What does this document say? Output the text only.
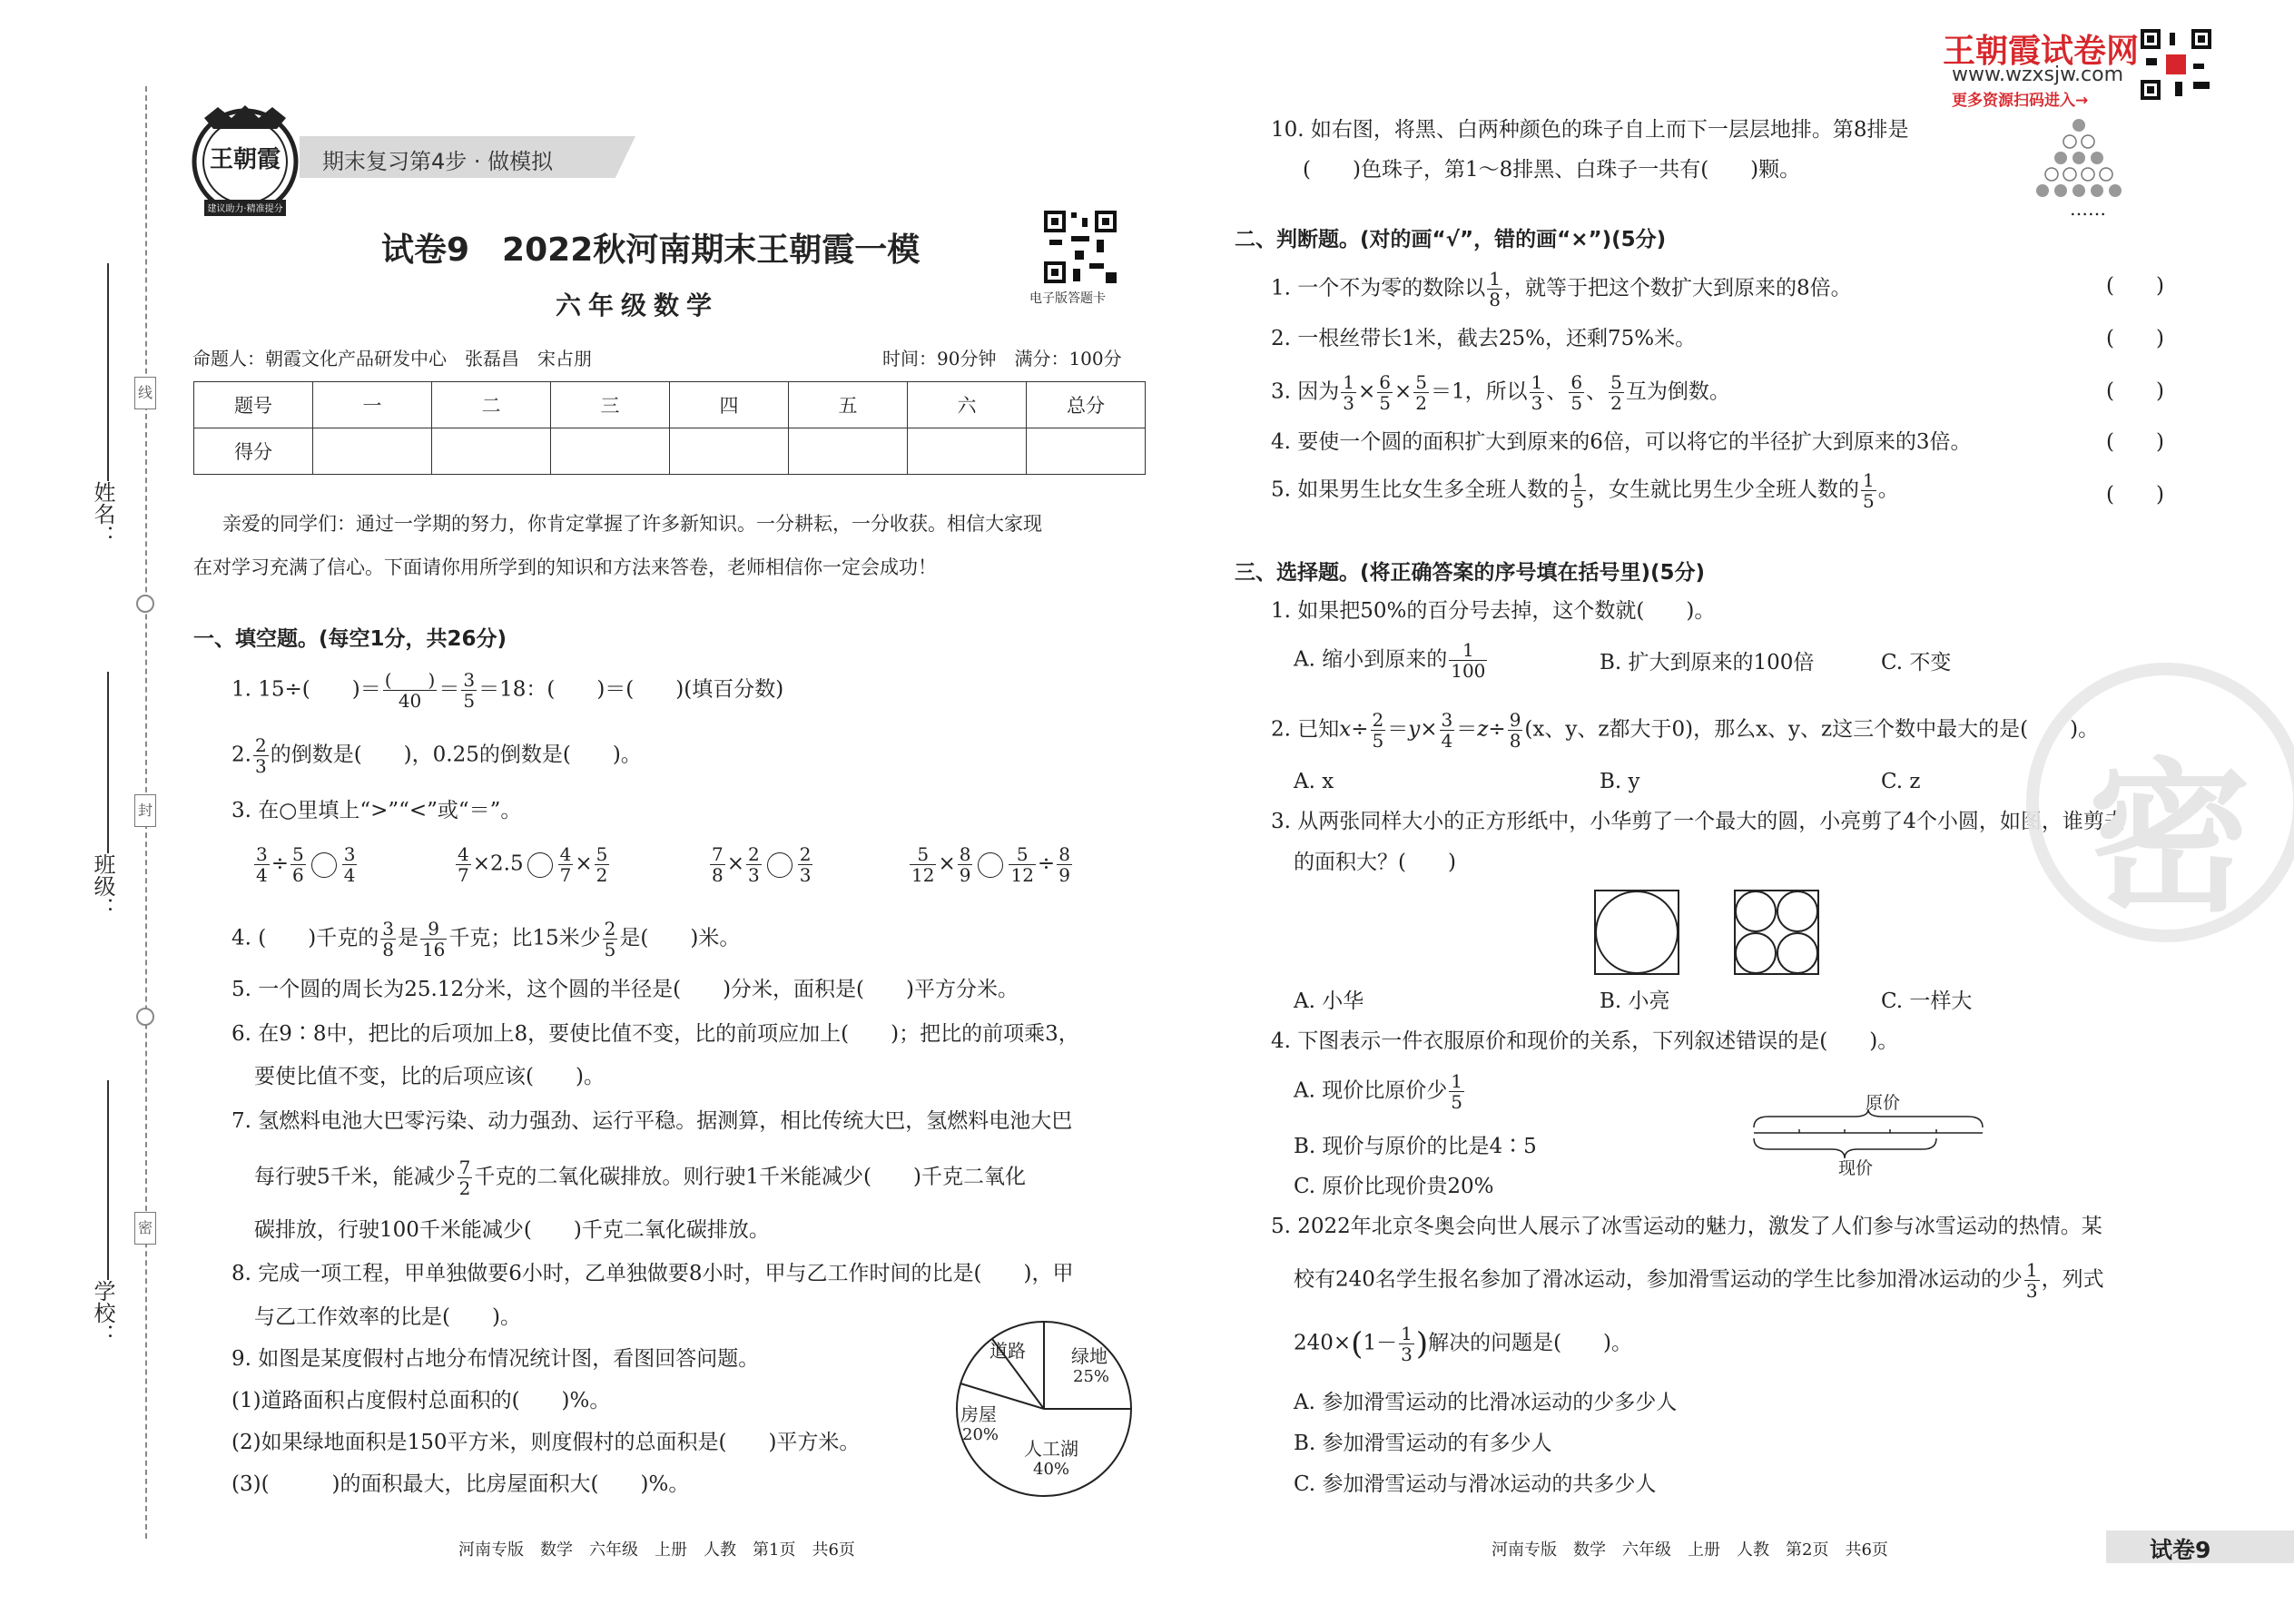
姓名：
班级：
学校：
线
封
密
王朝霞
建议助力·精准提分
期末复习第4步 · 做模拟
试卷9　2022秋河南期末王朝霞一模
六年级数学	电子版答题卡
命题人：朝霞文化产品研发中心　张磊昌　宋占朋	时间：90分钟　满分：100分
题号	一	二	三	四	五	六	总分
得分							
亲爱的同学们：通过一学期的努力，你肯定掌握了许多新知识。一分耕耘，一分收获。相信大家现
在对学习充满了信心。下面请你用所学到的知识和方法来答卷，老师相信你一定会成功！
一、填空题。(每空1分，共26分)
1. 15÷(　　)＝ $\frac{( )}{40} = \frac{3}{5} =18$：(　　)＝(　　)(填百分数)
2. $\frac{2}{3}$ 的倒数是(　　)，0.25的倒数是(　　)。
3. 在○里填上“>”“<”或“＝”。
$\frac{3}{4} \div \frac{5}{6} \frac{3}{4}$	$\frac{4}{7} \times 2.5 \frac{4}{7} \times \frac{5}{2}$	$\frac{7}{8} \times \frac{2}{3} \frac{2}{3}$	$\frac{5}{12} \times \frac{8}{9} \frac{5}{12} \div \frac{8}{9}$
4. (　　)千克的 $\frac{3}{8}$ 是 $\frac{9}{16}$ 千克；比15米少 $\frac{2}{5}$ 是(　　)米。
5. 一个圆的周长为25.12分米，这个圆的半径是(　　)分米，面积是(　　)平方分米。
6. 在9∶8中，把比的后项加上8，要使比值不变，比的前项应加上(　　)；把比的前项乘3，
要使比值不变，比的后项应该(　　)。
7. 氢燃料电池大巴零污染、动力强劲、运行平稳。据测算，相比传统大巴，氢燃料电池大巴
每行驶5千米，能减少 $\frac{7}{2}$ 千克的二氧化碳排放。则行驶1千米能减少(　　)千克二氧化
碳排放，行驶100千米能减少(　　)千克二氧化碳排放。
8. 完成一项工程，甲单独做要6小时，乙单独做要8小时，甲与乙工作时间的比是(　　)，甲
与乙工作效率的比是(　　)。
9. 如图是某度假村占地分布情况统计图，看图回答问题。
(1)道路面积占度假村总面积的(　　)%。
(2)如果绿地面积是150平方米，则度假村的总面积是(　　)平方米。
(3)(　　　)的面积最大，比房屋面积大(　　)%。
道路	绿地
25%
房屋
20%
人工湖
40%
王朝霞试卷网
www.wzxsjw.com
更多资源扫码进入→
10. 如右图，将黑、白两种颜色的珠子自上而下一层层地排。第8排是
(　　)色珠子，第1～8排黑、白珠子一共有(　　)颗。
……
二、判断题。(对的画“√”，错的画“×”)(5分)
1. 一个不为零的数除以 $\frac{1}{8}$ ，就等于把这个数扩大到原来的8倍。
2. 一根丝带长1米，截去25%，还剩75%米。
3. 因为 $\frac{1}{3} \times \frac{6}{5} \times \frac{5}{2} =1$，所以 $\frac{1}{3}$ 、 $\frac{6}{5}$ 、 $\frac{5}{2}$ 互为倒数。
4. 要使一个圆的面积扩大到原来的6倍，可以将它的半径扩大到原来的3倍。
5. 如果男生比女生多全班人数的 $\frac{1}{5}$ ，女生就比男生少全班人数的 $\frac{1}{5}$ 。
(　　)
(　　)
(　　)
(　　)
(　　)
三、选择题。(将正确答案的序号填在括号里)(5分)
1. 如果把50%的百分号去掉，这个数就(　　)。
A. 缩小到原来的 $\frac{1}{100}$	B. 扩大到原来的100倍	C. 不变
2. 已知$x\div \frac{2}{5} =y\times \frac{3}{4} =z\div \frac{9}{8} (x$、y、z都大于0)，那么x、y、z这三个数中最大的是(　　)。
A. x	B. y	C. z
3. 从两张同样大小的正方形纸中，小华剪了一个最大的圆，小亮剪了4个小圆，如图，谁剪去
的面积大？(　　)
A. 小华	B. 小亮	C. 一样大
4. 下图表示一件衣服原价和现价的关系，下列叙述错误的是(　　)。
A. 现价比原价少 $\frac{1}{5}$
B. 现价与原价的比是4∶5
C. 原价比现价贵20%
原价
现价
5. 2022年北京冬奥会向世人展示了冰雪运动的魅力，激发了人们参与冰雪运动的热情。某
校有240名学生报名参加了滑冰运动，参加滑雪运动的学生比参加滑冰运动的少 $\frac{1}{3}$ ，列式
$240\times(1- \frac{1}{3}$ )解决的问题是(　　)。
A. 参加滑雪运动的比滑冰运动的少多少人
B. 参加滑雪运动的有多少人
C. 参加滑雪运动与滑冰运动的共多少人
密
河南专版　数学　六年级　上册　人教　第1页　共6页	河南专版　数学　六年级　上册　人教　第2页　共6页	试卷9
